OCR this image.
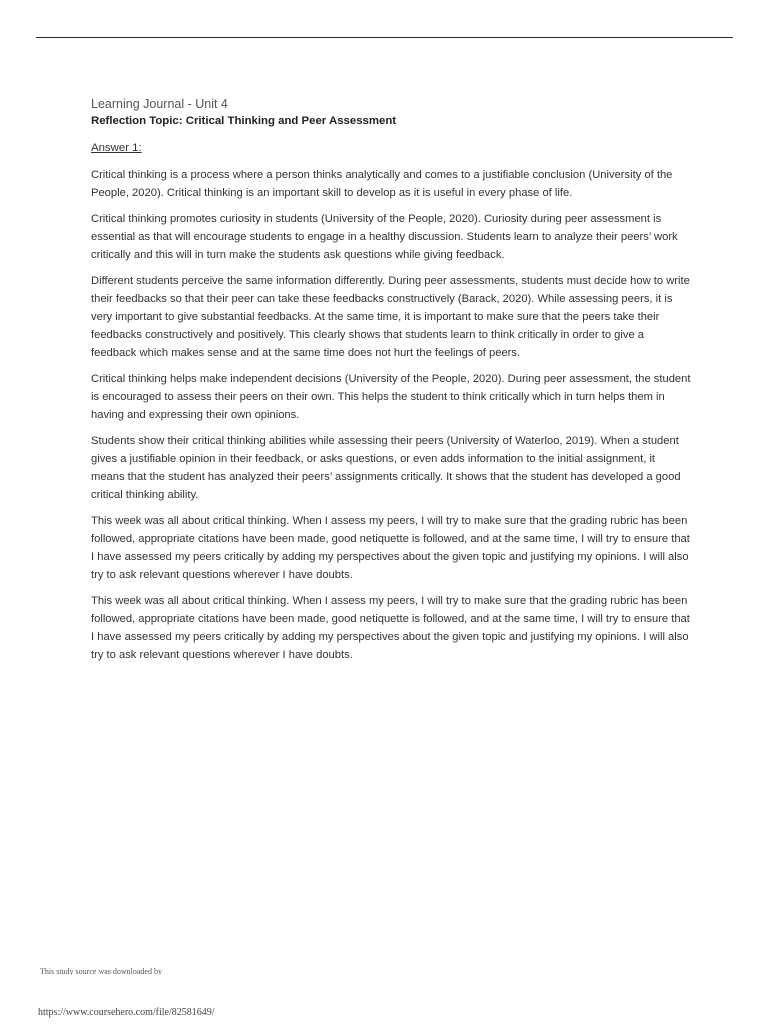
Learning Journal - Unit 4

Reflection Topic: Critical Thinking and Peer Assessment

Answer 1:

Critical thinking is a process where a person thinks analytically and comes to a justifiable conclusion (University of the People, 2020). Critical thinking is an important skill to develop as it is useful in every phase of life.

Critical thinking promotes curiosity in students (University of the People, 2020). Curiosity during peer assessment is essential as that will encourage students to engage in a healthy discussion. Students learn to analyze their peers’ work critically and this will in turn make the students ask questions while giving feedback.

Different students perceive the same information differently. During peer assessments, students must decide how to write their feedbacks so that their peer can take these feedbacks constructively (Barack, 2020). While assessing peers, it is very important to give substantial feedbacks. At the same time, it is important to make sure that the peers take their feedbacks constructively and positively. This clearly shows that students learn to think critically in order to give a feedback which makes sense and at the same time does not hurt the feelings of peers.

Critical thinking helps make independent decisions (University of the People, 2020). During peer assessment, the student is encouraged to assess their peers on their own. This helps the student to think critically which in turn helps them in having and expressing their own opinions.

Students show their critical thinking abilities while assessing their peers (University of Waterloo, 2019). When a student gives a justifiable opinion in their feedback, or asks questions, or even adds information to the initial assignment, it means that the student has analyzed their peers’ assignments critically. It shows that the student has developed a good critical thinking ability.

This week was all about critical thinking. When I assess my peers, I will try to make sure that the grading rubric has been followed, appropriate citations have been made, good netiquette is followed, and at the same time, I will try to ensure that I have assessed my peers critically by adding my perspectives about the given topic and justifying my opinions. I will also try to ask relevant questions wherever I have doubts.

This week was all about critical thinking. When I assess my peers, I will try to make sure that the grading rubric has been followed, appropriate citations have been made, good netiquette is followed, and at the same time, I will try to ensure that I have assessed my peers critically by adding my perspectives about the given topic and justifying my opinions. I will also try to ask relevant questions wherever I have doubts.

This study source was downloaded by
https://www.coursehero.com/file/82581649/
